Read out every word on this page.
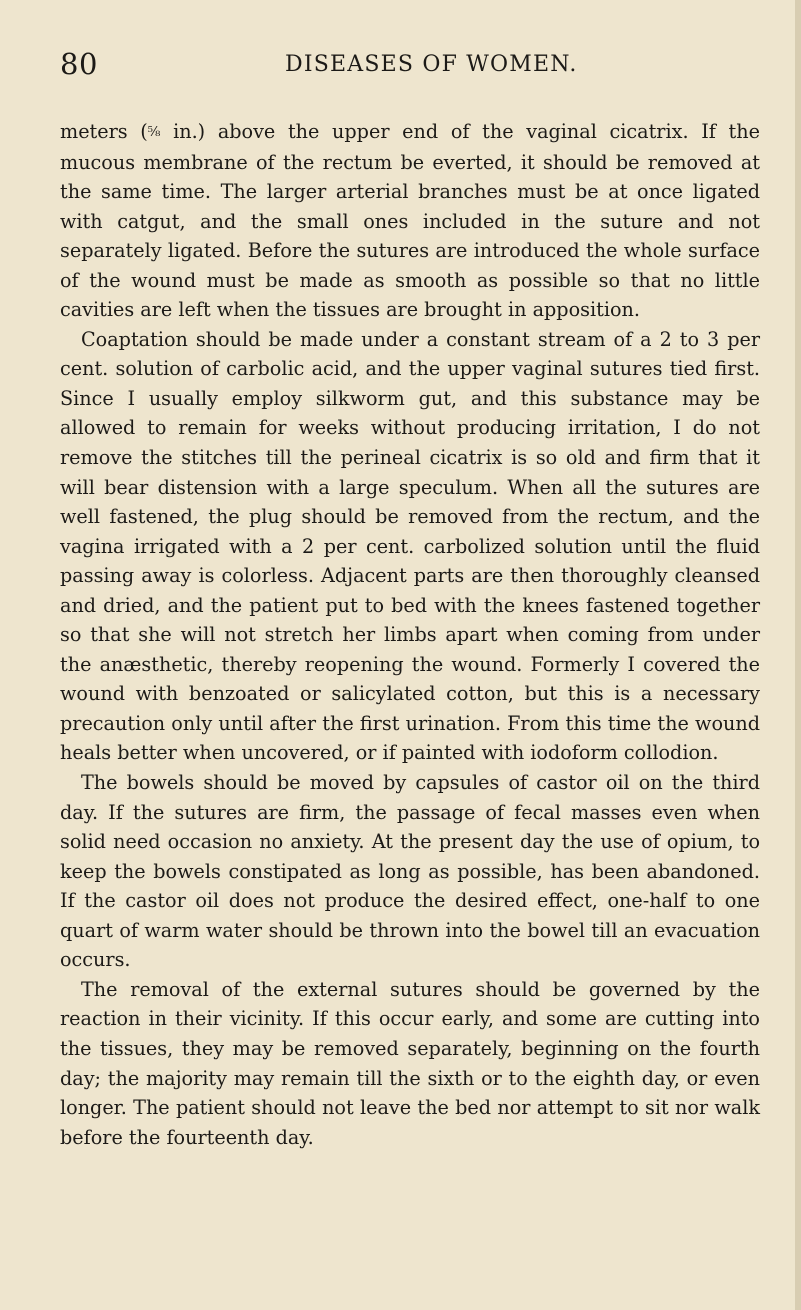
80	DISEASES OF WOMEN.

meters (⅝ in.) above the upper end of the vaginal cicatrix. If the mucous membrane of the rectum be everted, it should be removed at the same time. The larger arterial branches must be at once ligated with catgut, and the small ones included in the suture and not separately ligated. Before the sutures are introduced the whole surface of the wound must be made as smooth as possible so that no little cavities are left when the tissues are brought in apposition.

Coaptation should be made under a constant stream of a 2 to 3 per cent. solution of carbolic acid, and the upper vaginal sutures tied first. Since I usually employ silkworm gut, and this substance may be allowed to remain for weeks without producing irritation, I do not remove the stitches till the perineal cicatrix is so old and firm that it will bear distension with a large speculum. When all the sutures are well fastened, the plug should be removed from the rectum, and the vagina irrigated with a 2 per cent. carbolized solution until the fluid passing away is colorless. Adjacent parts are then thoroughly cleansed and dried, and the patient put to bed with the knees fastened together so that she will not stretch her limbs apart when coming from under the anæsthetic, thereby reopening the wound. Formerly I covered the wound with benzoated or salicylated cotton, but this is a necessary precaution only until after the first urination. From this time the wound heals better when uncovered, or if painted with iodoform collodion.

The bowels should be moved by capsules of castor oil on the third day. If the sutures are firm, the passage of fecal masses even when solid need occasion no anxiety. At the present day the use of opium, to keep the bowels constipated as long as possible, has been abandoned. If the castor oil does not produce the desired effect, one-half to one quart of warm water should be thrown into the bowel till an evacuation occurs.

The removal of the external sutures should be governed by the reaction in their vicinity. If this occur early, and some are cutting into the tissues, they may be removed separately, beginning on the fourth day; the majority may remain till the sixth or to the eighth day, or even longer. The patient should not leave the bed nor attempt to sit nor walk before the fourteenth day.
